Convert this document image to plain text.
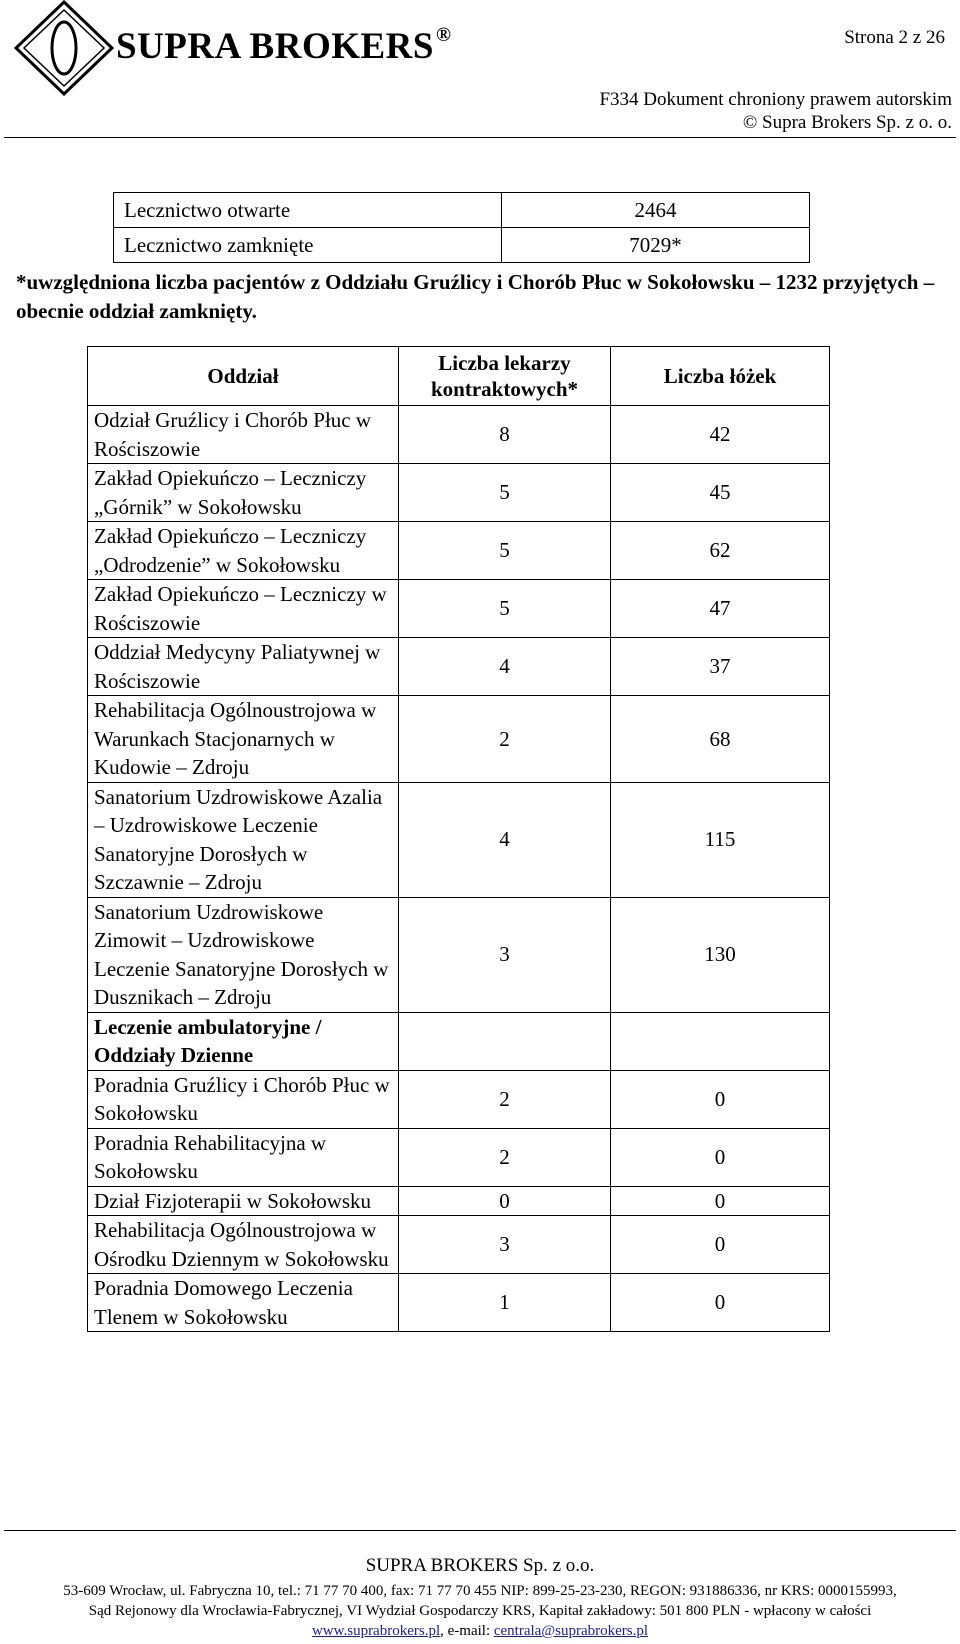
SUPRA BROKERS ®	Strona 2 z 26
F334 Dokument chroniony prawem autorskim
© Supra Brokers Sp. z o. o.
Lecznictwo otwarte	2464
Lecznictwo zamknięte	7029*
*uwzględniona liczba pacjentów z Oddziału Gruźlicy i Chorób Płuc w Sokołowsku – 1232 przyjętych – obecnie oddział zamknięty.
Oddział	Liczba lekarzy kontraktowych*	Liczba łóżek
Odział Gruźlicy i Chorób Płuc w Rościszowie	8	42
Zakład Opiekuńczo – Leczniczy „Górnik” w Sokołowsku	5	45
Zakład Opiekuńczo – Leczniczy „Odrodzenie” w Sokołowsku	5	62
Zakład Opiekuńczo – Leczniczy w Rościszowie	5	47
Oddział Medycyny Paliatywnej w Rościszowie	4	37
Rehabilitacja Ogólnoustrojowa w Warunkach Stacjonarnych w Kudowie – Zdroju	2	68
Sanatorium Uzdrowiskowe Azalia – Uzdrowiskowe Leczenie Sanatoryjne Dorosłych w Szczawnie – Zdroju	4	115
Sanatorium Uzdrowiskowe Zimowit – Uzdrowiskowe Leczenie Sanatoryjne Dorosłych w Dusznikach – Zdroju	3	130
Leczenie ambulatoryjne / Oddziały Dzienne		
Poradnia Gruźlicy i Chorób Płuc w Sokołowsku	2	0
Poradnia Rehabilitacyjna w Sokołowsku	2	0
Dział Fizjoterapii w Sokołowsku	0	0
Rehabilitacja Ogólnoustrojowa w Ośrodku Dziennym w Sokołowsku	3	0
Poradnia Domowego Leczenia Tlenem w Sokołowsku	1	0
SUPRA BROKERS Sp. z o.o.
53-609 Wrocław, ul. Fabryczna 10, tel.: 71 77 70 400, fax: 71 77 70 455 NIP: 899-25-23-230, REGON: 931886336, nr KRS: 0000155993,
Sąd Rejonowy dla Wrocławia-Fabrycznej, VI Wydział Gospodarczy KRS, Kapitał zakładowy: 501 800 PLN - wpłacony w całości
www.suprabrokers.pl, e-mail: centrala@suprabrokers.pl
